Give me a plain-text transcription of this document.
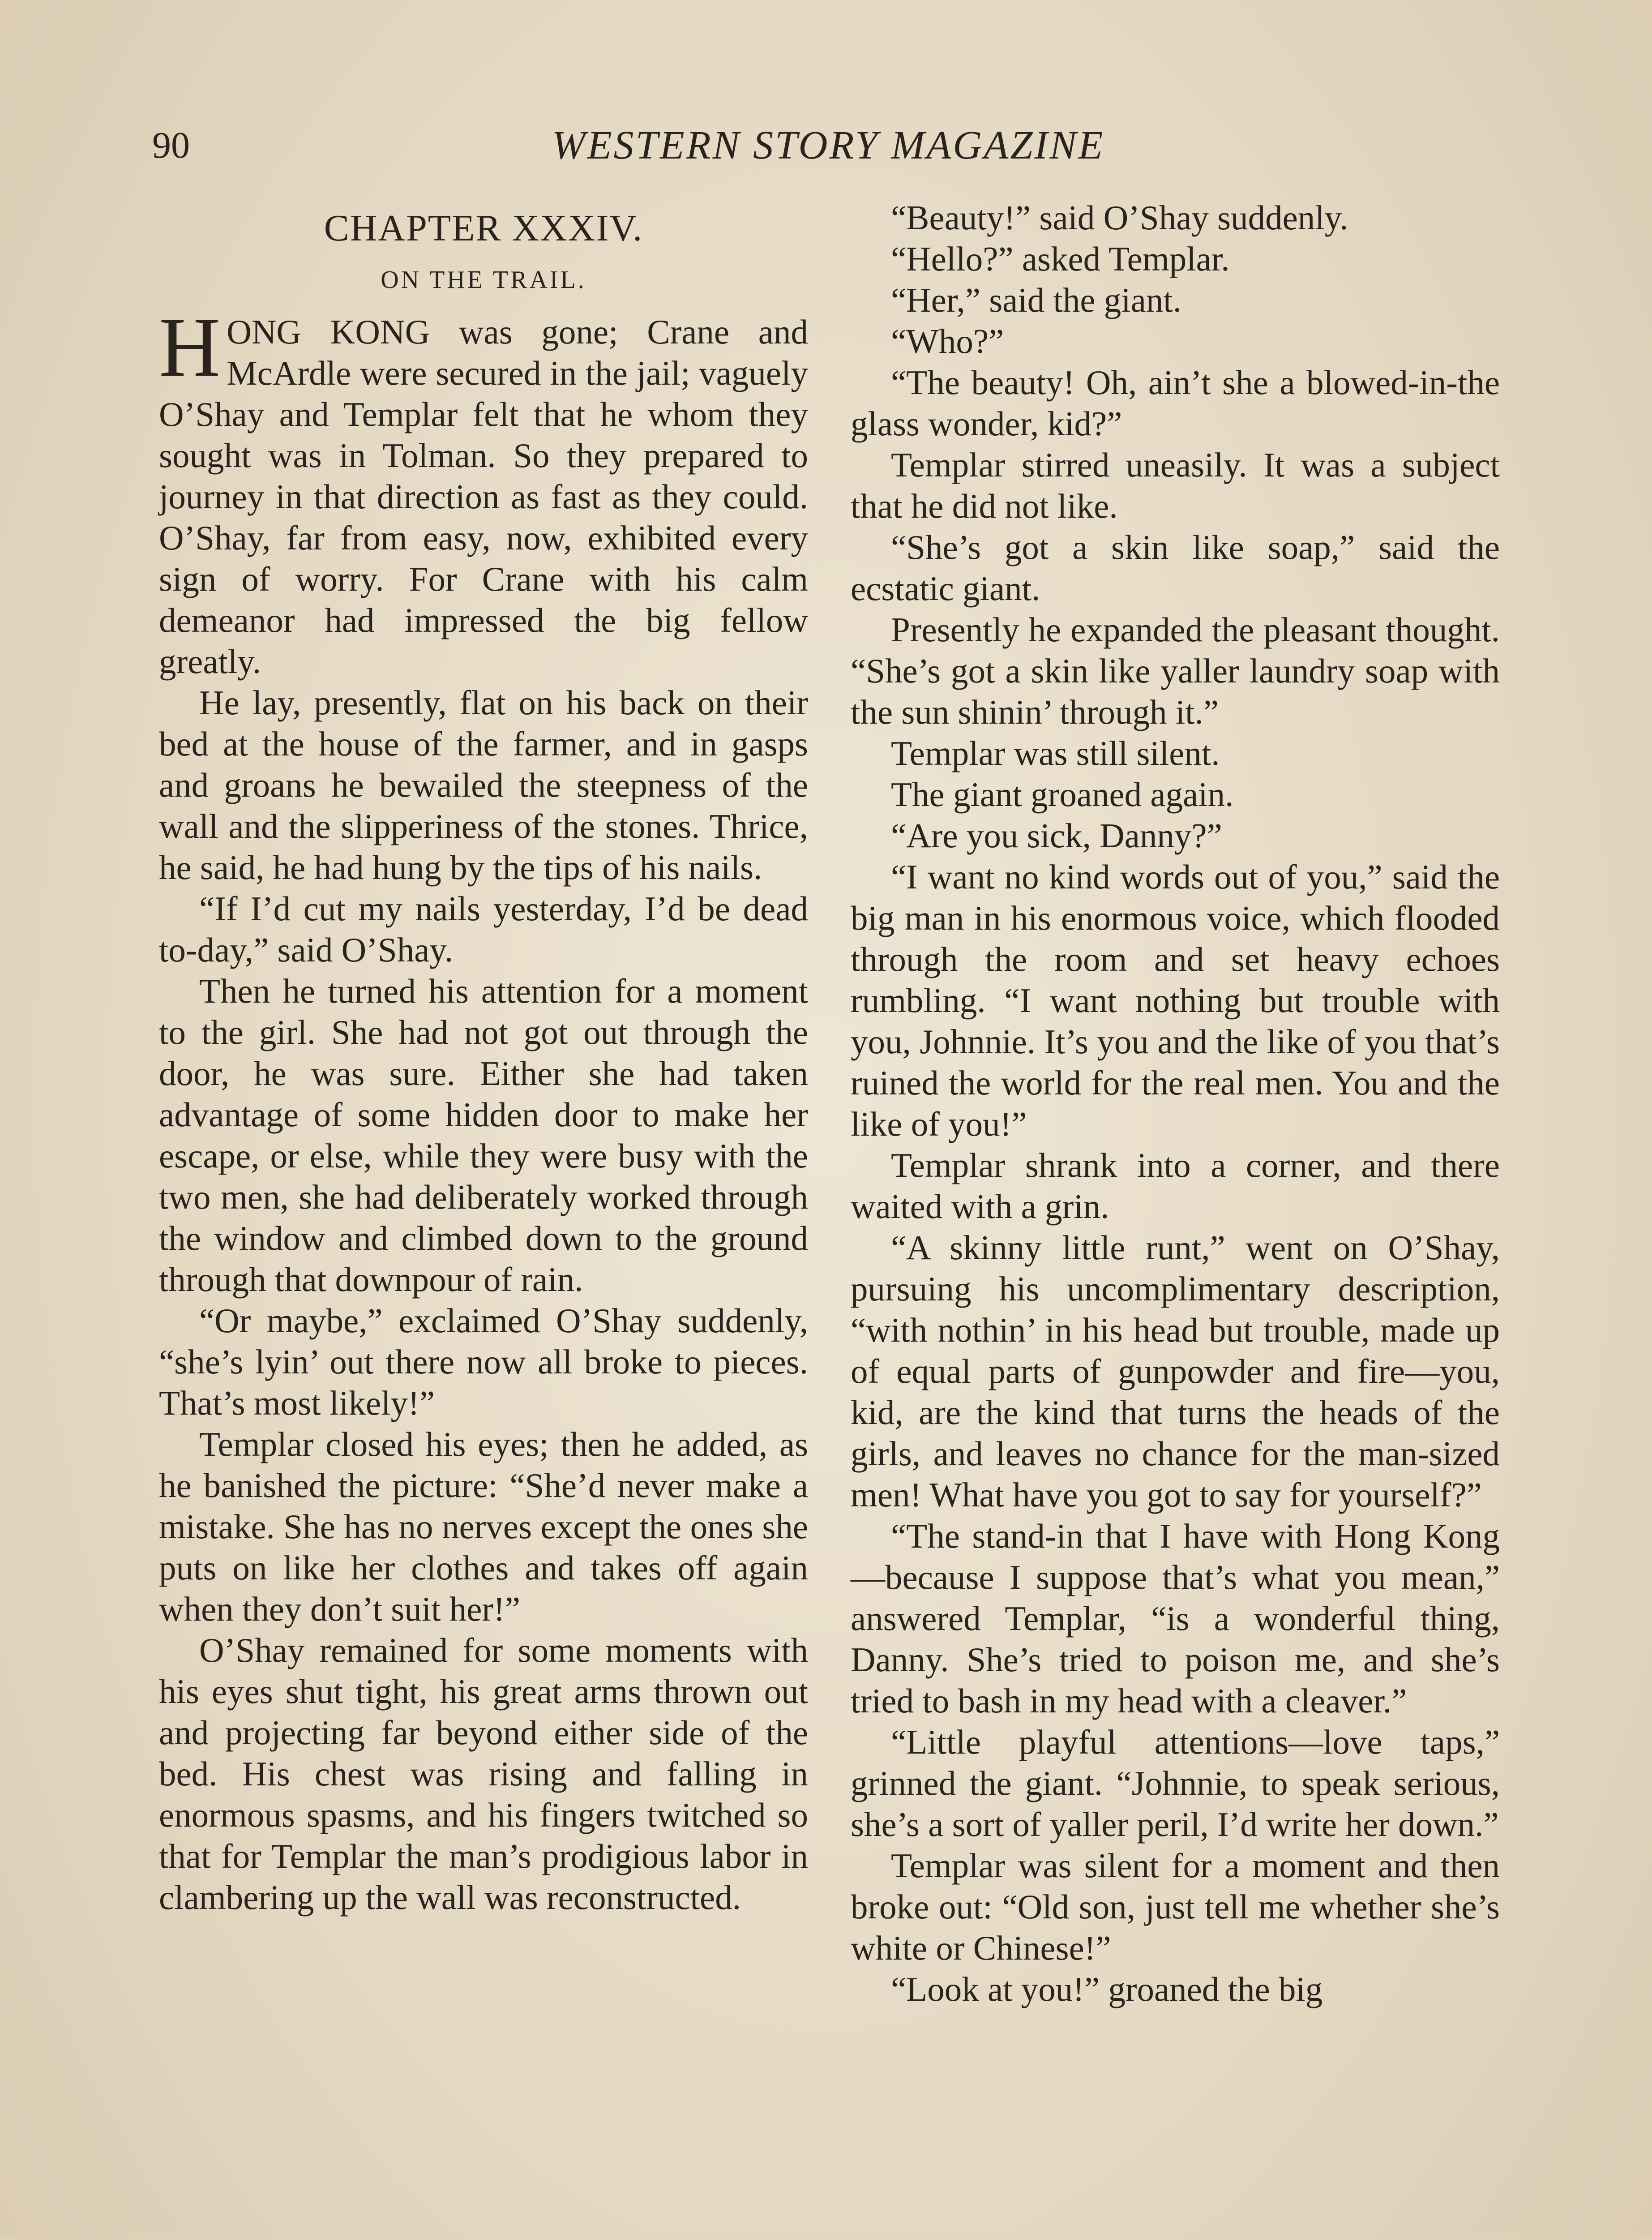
90	WESTERN STORY MAGAZINE
CHAPTER XXXIV.
ON THE TRAIL.

HONG KONG was gone; Crane and McArdle were secured in the jail; vaguely O’Shay and Templar felt that he whom they sought was in Tolman. So they prepared to journey in that direction as fast as they could. O’Shay, far from easy, now, exhibited every sign of worry. For Crane with his calm demeanor had impressed the big fellow greatly.

He lay, presently, flat on his back on their bed at the house of the farmer, and in gasps and groans he bewailed the steepness of the wall and the slipperiness of the stones. Thrice, he said, he had hung by the tips of his nails.

“If I’d cut my nails yesterday, I’d be dead to-day,” said O’Shay.

Then he turned his attention for a moment to the girl. She had not got out through the door, he was sure. Either she had taken advantage of some hidden door to make her escape, or else, while they were busy with the two men, she had deliberately worked through the window and climbed down to the ground through that downpour of rain.

“Or maybe,” exclaimed O’Shay suddenly, “she’s lyin’ out there now all broke to pieces. That’s most likely!”

Templar closed his eyes; then he added, as he banished the picture: “She’d never make a mistake. She has no nerves except the ones she puts on like her clothes and takes off again when they don’t suit her!”

O’Shay remained for some moments with his eyes shut tight, his great arms thrown out and projecting far beyond either side of the bed. His chest was rising and falling in enormous spasms, and his fingers twitched so that for Templar the man’s prodigious labor in clambering up the wall was reconstructed.

“Beauty!” said O’Shay suddenly.

“Hello?” asked Templar.

“Her,” said the giant.

“Who?”

“The beauty! Oh, ain’t she a blowed-in-the glass wonder, kid?”

Templar stirred uneasily. It was a subject that he did not like.

“She’s got a skin like soap,” said the ecstatic giant.

Presently he expanded the pleasant thought. “She’s got a skin like yaller laundry soap with the sun shinin’ through it.”

Templar was still silent.

The giant groaned again.

“Are you sick, Danny?”

“I want no kind words out of you,” said the big man in his enormous voice, which flooded through the room and set heavy echoes rumbling. “I want nothing but trouble with you, Johnnie. It’s you and the like of you that’s ruined the world for the real men. You and the like of you!”

Templar shrank into a corner, and there waited with a grin.

“A skinny little runt,” went on O’Shay, pursuing his uncomplimentary description, “with nothin’ in his head but trouble, made up of equal parts of gunpowder and fire—you, kid, are the kind that turns the heads of the girls, and leaves no chance for the man-sized men! What have you got to say for yourself?”

“The stand-in that I have with Hong Kong—because I suppose that’s what you mean,” answered Templar, “is a wonderful thing, Danny. She’s tried to poison me, and she’s tried to bash in my head with a cleaver.”

“Little playful attentions—love taps,” grinned the giant. “Johnnie, to speak serious, she’s a sort of yaller peril, I’d write her down.”

Templar was silent for a moment and then broke out: “Old son, just tell me whether she’s white or Chinese!”

“Look at you!” groaned the big
